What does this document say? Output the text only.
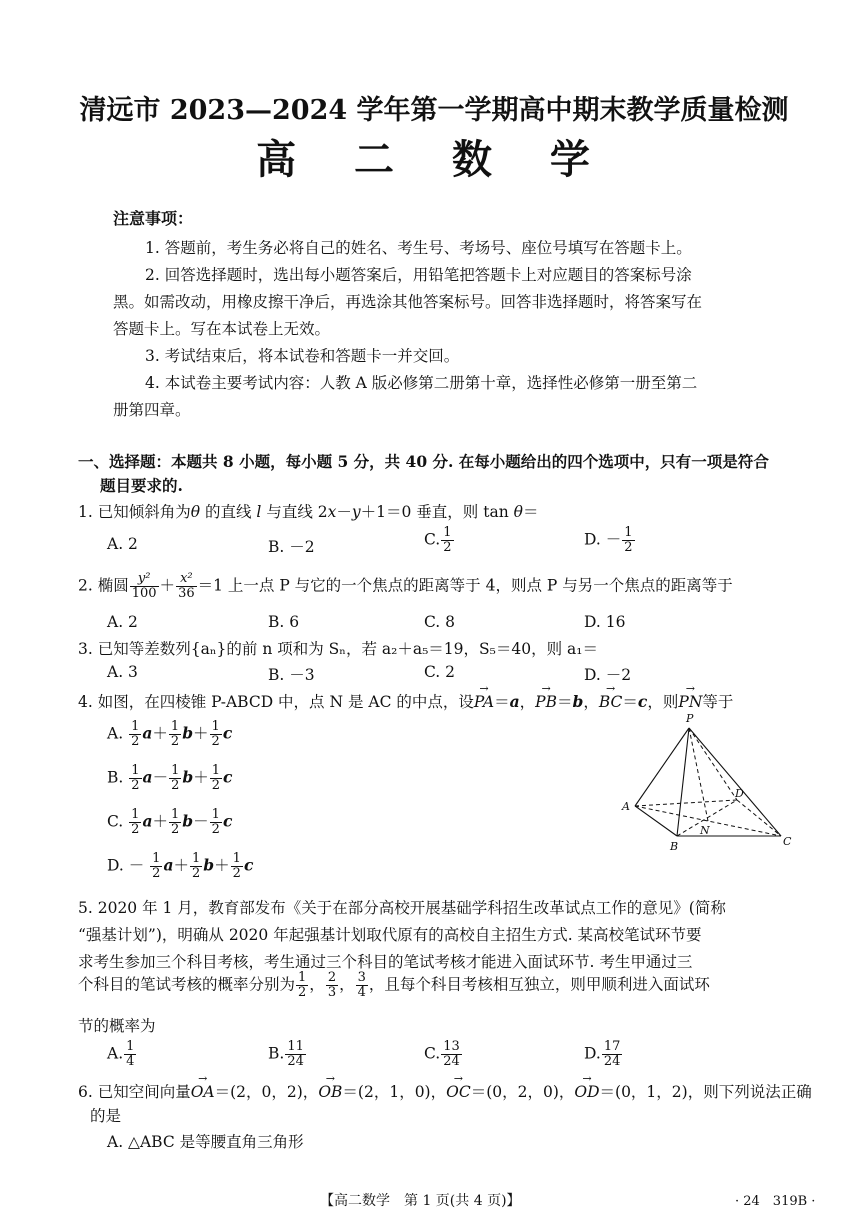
清远市 2023—2024 学年第一学期高中期末教学质量检测
高 二 数 学
注意事项：
1. 答题前，考生务必将自己的姓名、考生号、考场号、座位号填写在答题卡上。
2. 回答选择题时，选出每小题答案后，用铅笔把答题卡上对应题目的答案标号涂
黑。如需改动，用橡皮擦干净后，再选涂其他答案标号。回答非选择题时，将答案写在
答题卡上。写在本试卷上无效。
3. 考试结束后，将本试卷和答题卡一并交回。
4. 本试卷主要考试内容：人教 A 版必修第二册第十章，选择性必修第一册至第二
册第四章。
一、选择题：本题共 8 小题，每小题 5 分，共 40 分. 在每小题给出的四个选项中，只有一项是符合
题目要求的.
1. 已知倾斜角为θ 的直线 l 与直线 2x－y＋1＝0 垂直，则 tan θ＝
A. 2	B. －2	C. $\frac{1}{2}$	D. － $\frac{1}{2}$
2. 椭圆 $\frac{\text{y²}}{100} + \frac{\text{x²}}{36} =1$ 上一点 P 与它的一个焦点的距离等于 4，则点 P 与另一个焦点的距离等于
A. 2	B. 6	C. 8	D. 16
3. 已知等差数列{aₙ}的前 n 项和为 Sₙ，若 a₂＋a₅＝19，S₅＝40，则 a₁＝
A. 3	B. －3	C. 2	D. －2
4. 如图，在四棱锥 P-ABCD 中，点 N 是 AC 的中点，设→ PA＝a，→ PB＝b，→ BC＝c，则→ PN等于
A. $\frac{1}{2} a+ \frac{1}{2} b+ \frac{1}{2}$ c
B. $\frac{1}{2} a- \frac{1}{2} b+ \frac{1}{2}$ c
C. $\frac{1}{2} a+ \frac{1}{2} b- \frac{1}{2}$ c
D. － $\frac{1}{2} a+ \frac{1}{2} b+ \frac{1}{2}$ c
P
A
B	C
D
N
5. 2020 年 1 月，教育部发布《关于在部分高校开展基础学科招生改革试点工作的意见》(简称
“强基计划”)，明确从 2020 年起强基计划取代原有的高校自主招生方式. 某高校笔试环节要
求考生参加三个科目考核，考生通过三个科目的笔试考核才能进入面试环节. 考生甲通过三
个科目的笔试考核的概率分别为 $\frac{1}{2}$ ， $\frac{2}{3}$ ， $\frac{3}{4}$ ，且每个科目考核相互独立，则甲顺利进入面试环
节的概率为
A. $\frac{1}{4}$	B. $\frac{11}{24}$	C. $\frac{13}{24}$	D. $\frac{17}{24}$
6. 已知空间向量→ OA＝(2，0，2)，→ OB＝(2，1，0)，→ OC＝(0，2，0)，→ OD＝(0，1，2)，则下列说法正确
的是
A. △ABC 是等腰直角三角形
【高二数学　第 1 页(共 4 页)】	· 24　319B ·
